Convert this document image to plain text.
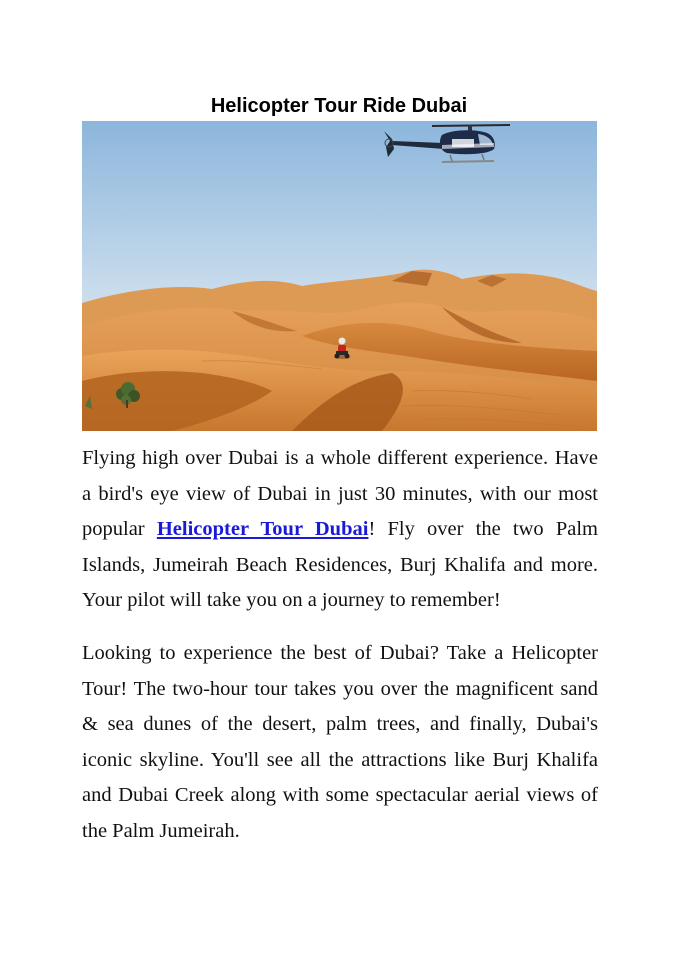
Helicopter Tour Ride Dubai

Flying high over Dubai is a whole different experience. Have a bird's eye view of Dubai in just 30 minutes, with our most popular Helicopter Tour Dubai! Fly over the two Palm Islands, Jumeirah Beach Residences, Burj Khalifa and more. Your pilot will take you on a journey to remember!

Looking to experience the best of Dubai? Take a Helicopter Tour! The two-hour tour takes you over the magnificent sand & sea dunes of the desert, palm trees, and finally, Dubai's iconic skyline. You'll see all the attractions like Burj Khalifa and Dubai Creek along with some spectacular aerial views of the Palm Jumeirah.
